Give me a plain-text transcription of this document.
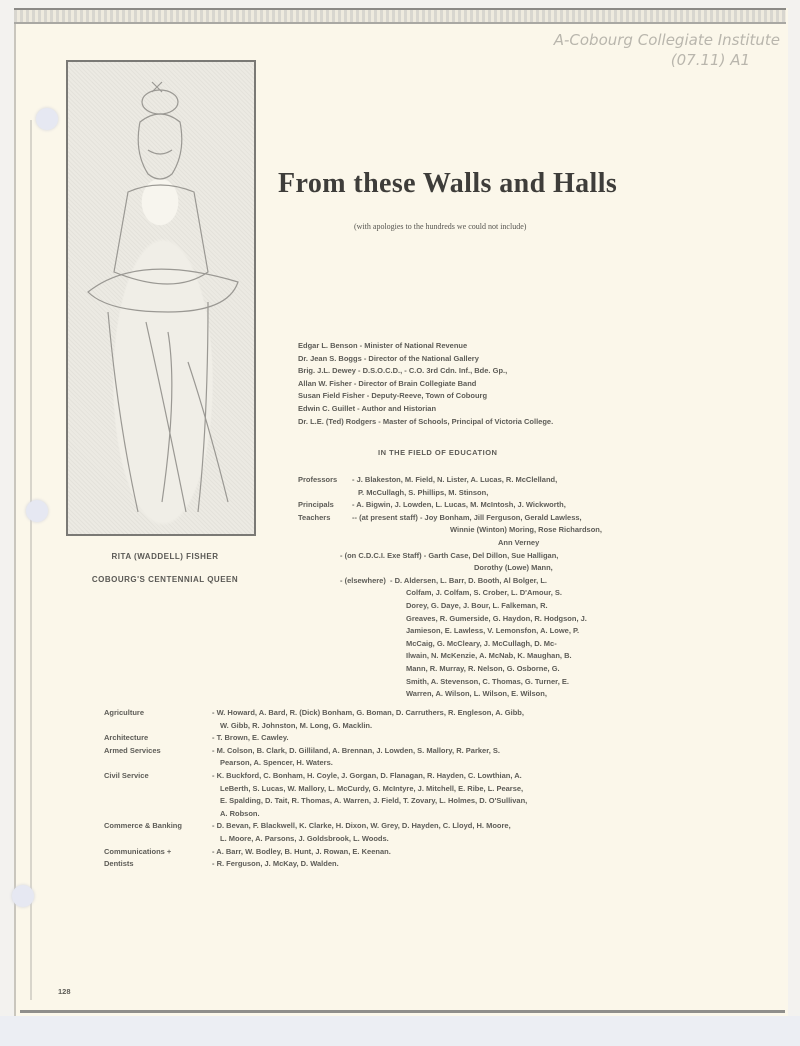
A-Cobourg Collegiate Institute
(07.11) A1
RITA (WADDELL) FISHER
COBOURG'S CENTENNIAL QUEEN
From these Walls and Halls
(with apologies to the hundreds we could not include)
Edgar L. Benson - Minister of National Revenue
Dr. Jean S. Boggs - Director of the National Gallery
Brig. J.L. Dewey - D.S.O.C.D., - C.O. 3rd Cdn. Inf., Bde. Gp.,
Allan W. Fisher - Director of Brain Collegiate Band
Susan Field Fisher - Deputy-Reeve, Town of Cobourg
Edwin C. Guillet - Author and Historian
Dr. L.E. (Ted) Rodgers - Master of Schools, Principal of Victoria College.
IN THE FIELD OF EDUCATION
Professors	- J. Blakeston, M. Field, N. Lister, A. Lucas, R. McClelland,
P. McCullagh, S. Phillips, M. Stinson,
Principals	- A. Bigwin, J. Lowden, L. Lucas, M. McIntosh, J. Wickworth,
Teachers	-- (at present staff)
- Joy Bonham, Jill Ferguson, Gerald Lawless,
Winnie (Winton) Moring, Rose Richardson,
Ann Verney
- (on C.D.C.I. Exe Staff)
- Garth Case, Del Dillon, Sue Halligan,
Dorothy (Lowe) Mann,
- (elsewhere)
- D. Aldersen, L. Barr, D. Booth, Al Bolger, L.
Colfam, J. Colfam, S. Crober, L. D'Amour, S.
Dorey, G. Daye, J. Bour, L. Falkeman, R.
Greaves, R. Gumerside, G. Haydon, R. Hodgson, J.
Jamieson, E. Lawless, V. Lemonsfon, A. Lowe, P.
McCaig, G. McCleary, J. McCullagh, D. Mc-
Ilwain, N. McKenzie, A. McNab, K. Maughan, B.
Mann, R. Murray, R. Nelson, G. Osborne, G.
Smith, A. Stevenson, C. Thomas, G. Turner, E.
Warren, A. Wilson, L. Wilson, E. Wilson,
Agriculture	- W. Howard, A. Bard, R. (Dick) Bonham, G. Boman, D. Carruthers, R. Engleson, A. Gibb,
W. Gibb, R. Johnston, M. Long, G. Macklin.
Architecture	- T. Brown, E. Cawley.
Armed Services	- M. Colson, B. Clark, D. Gilliland, A. Brennan, J. Lowden, S. Mallory, R. Parker, S.
Pearson, A. Spencer, H. Waters.
Civil Service	- K. Buckford, C. Bonham, H. Coyle, J. Gorgan, D. Flanagan, R. Hayden, C. Lowthian, A.
LeBerth, S. Lucas, W. Mallory, L. McCurdy, G. McIntyre, J. Mitchell, E. Ribe, L. Pearse,
E. Spalding, D. Tait, R. Thomas, A. Warren, J. Field, T. Zovary, L. Holmes, D. O'Sullivan,
A. Robson.
Commerce & Banking	- D. Bevan, F. Blackwell, K. Clarke, H. Dixon, W. Grey, D. Hayden, C. Lloyd, H. Moore,
L. Moore, A. Parsons, J. Goldsbrook, L. Woods.
Communications +	- A. Barr, W. Bodley, B. Hunt, J. Rowan, E. Keenan.
Dentists	- R. Ferguson, J. McKay, D. Walden.
128
